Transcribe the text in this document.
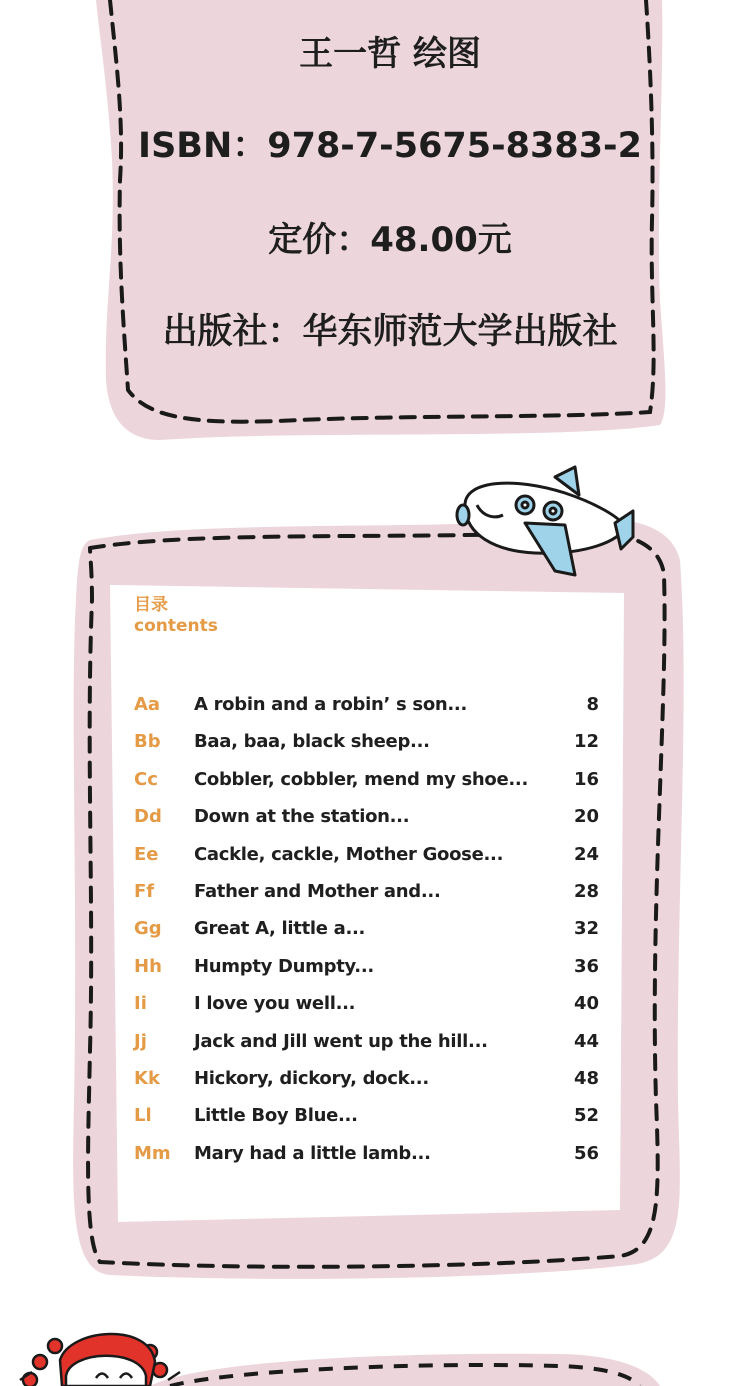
王一哲 绘图
ISBN：978-7-5675-8383-2
定价：48.00元
出版社：华东师范大学出版社
目录
contents
Aa A robin and a robin’ s son...	8
Bb Baa, baa, black sheep...	12
Cc Cobbler, cobbler, mend my shoe...	16
Dd Down at the station...	20
Ee Cackle, cackle, Mother Goose...	24
Ff Father and Mother and...	28
Gg Great A, little a...	32
Hh Humpty Dumpty...	36
Ii	I love you well...	40
Jj	Jack and Jill went up the hill...	44
Kk Hickory, dickory, dock...	48
Ll Little Boy Blue...	52
Mm Mary had a little lamb...	56
